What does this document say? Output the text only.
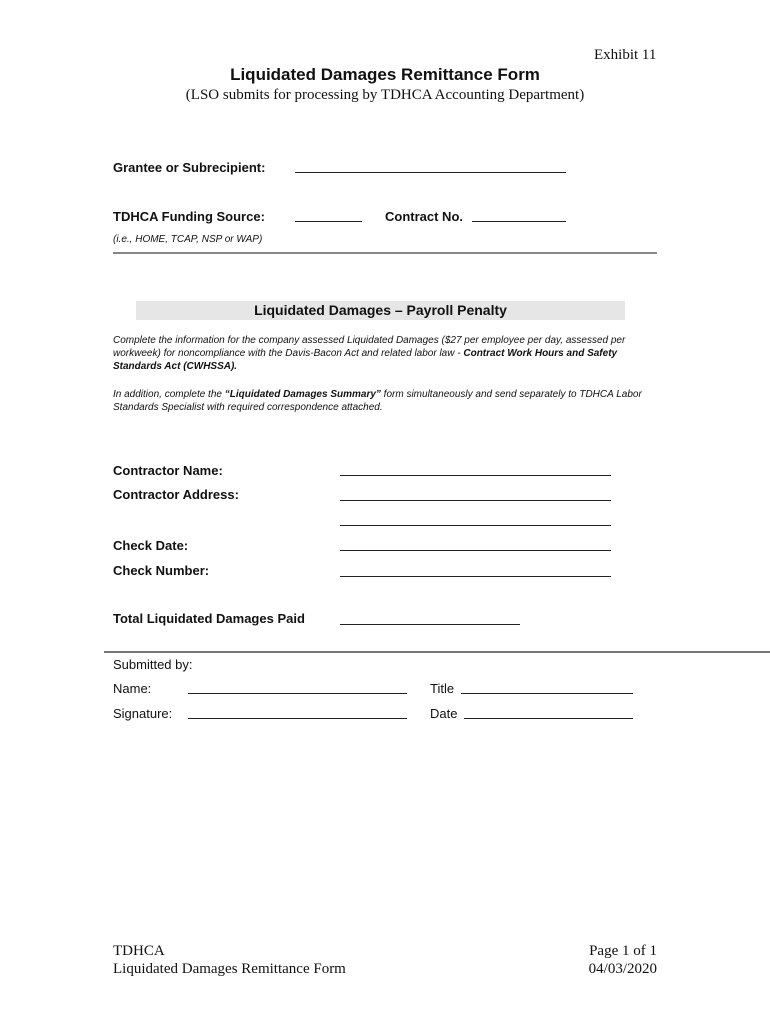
Exhibit 11
Liquidated Damages Remittance Form
(LSO submits for processing by TDHCA Accounting Department)
Grantee or Subrecipient:
TDHCA Funding Source:	Contract No.
(i.e., HOME, TCAP, NSP or WAP)
Liquidated Damages – Payroll Penalty
Complete the information for the company assessed Liquidated Damages ($27 per employee per day, assessed per workweek) for noncompliance with the Davis-Bacon Act and related labor law - Contract Work Hours and Safety Standards Act (CWHSSA).
In addition, complete the “Liquidated Damages Summary” form simultaneously and send separately to TDHCA Labor Standards Specialist with required correspondence attached.
Contractor Name:
Contractor Address:
Check Date:
Check Number:
Total Liquidated Damages Paid
Submitted by:
Name:	Title
Signature:	Date
TDHCA
Liquidated Damages Remittance Form
Page 1 of 1
04/03/2020
